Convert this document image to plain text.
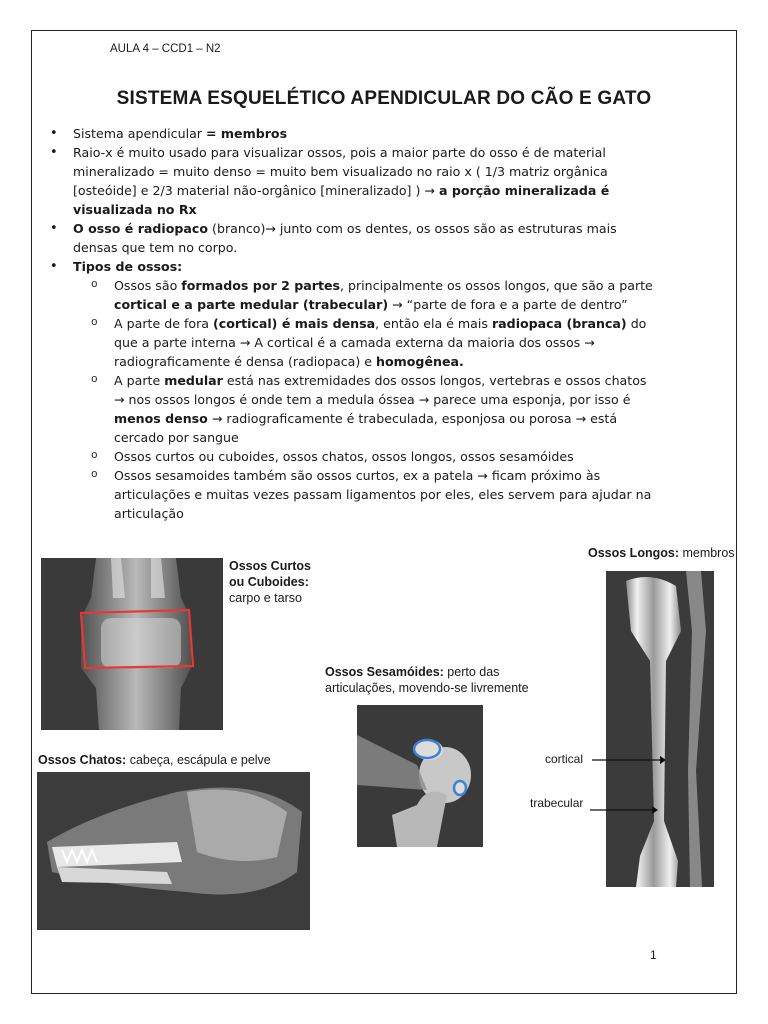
AULA 4 – CCD1 – N2
SISTEMA ESQUELÉTICO APENDICULAR DO CÃO E GATO
• Sistema apendicular = membros
• Raio-x é muito usado para visualizar ossos, pois a maior parte do osso é de material mineralizado = muito denso = muito bem visualizado no raio x ( 1/3 matriz orgânica [osteóide] e 2/3 material não-orgânico [mineralizado] ) → a porção mineralizada é visualizada no Rx
• O osso é radiopaco (branco)→ junto com os dentes, os ossos são as estruturas mais densas que tem no corpo.
• Tipos de ossos:
o Ossos são formados por 2 partes, principalmente os ossos longos, que são a parte cortical e a parte medular (trabecular) → “parte de fora e a parte de dentro”
o A parte de fora (cortical) é mais densa, então ela é mais radiopaca (branca) do que a parte interna → A cortical é a camada externa da maioria dos ossos → radiograficamente é densa (radiopaca) e homogênea.
o A parte medular está nas extremidades dos ossos longos, vertebras e ossos chatos → nos ossos longos é onde tem a medula óssea → parece uma esponja, por isso é menos denso → radiograficamente é trabeculada, esponjosa ou porosa → está cercado por sangue
o Ossos curtos ou cuboides, ossos chatos, ossos longos, ossos sesamóides
o Ossos sesamoides também são ossos curtos, ex a patela → ficam próximo às articulações e muitas vezes passam ligamentos por eles, eles servem para ajudar na articulação
Ossos Curtos ou Cuboides:
carpo e tarso
Ossos Longos: membros
cortical
trabecular
Ossos Sesamóides: perto das articulações, movendo-se livremente
Ossos Chatos: cabeça, escápula e pelve
1
